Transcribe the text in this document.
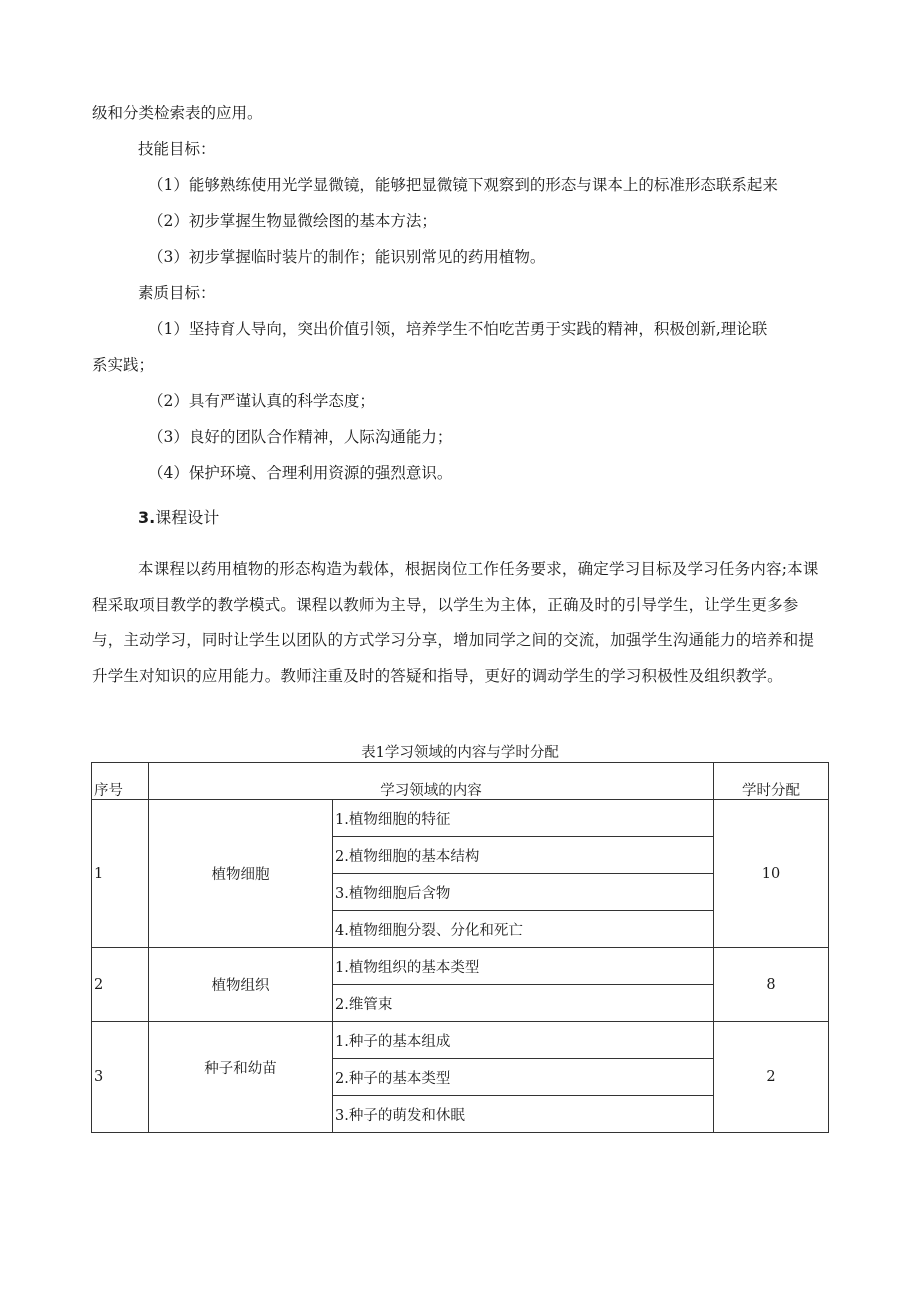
级和分类检索表的应用。
技能目标：
（1）能够熟练使用光学显微镜，能够把显微镜下观察到的形态与课本上的标准形态联系起来
（2）初步掌握生物显微绘图的基本方法；
（3）初步掌握临时装片的制作；能识别常见的药用植物。
素质目标：
（1）坚持育人导向，突出价值引领，培养学生不怕吃苦勇于实践的精神，积极创新,理论联
系实践；
（2）具有严谨认真的科学态度；
（3）良好的团队合作精神，人际沟通能力；
（4）保护环境、合理利用资源的强烈意识。
3.课程设计
本课程以药用植物的形态构造为载体，根据岗位工作任务要求，确定学习目标及学习任务内容;本课程采取项目教学的教学模式。课程以教师为主导，以学生为主体，正确及时的引导学生，让学生更多参与，主动学习，同时让学生以团队的方式学习分享，增加同学之间的交流，加强学生沟通能力的培养和提升学生对知识的应用能力。教师注重及时的答疑和指导，更好的调动学生的学习积极性及组织教学。
表1学习领域的内容与学时分配
序号	学习领域的内容		学时分配
1	植物细胞	1.植物细胞的特征	10
		2.植物细胞的基本结构	
		3.植物细胞后含物	
		4.植物细胞分裂、分化和死亡	
2	植物组织	1.植物组织的基本类型	8
		2.维管束	
3	种子和幼苗	1.种子的基本组成	2
		2.种子的基本类型	
		3.种子的萌发和休眠	
